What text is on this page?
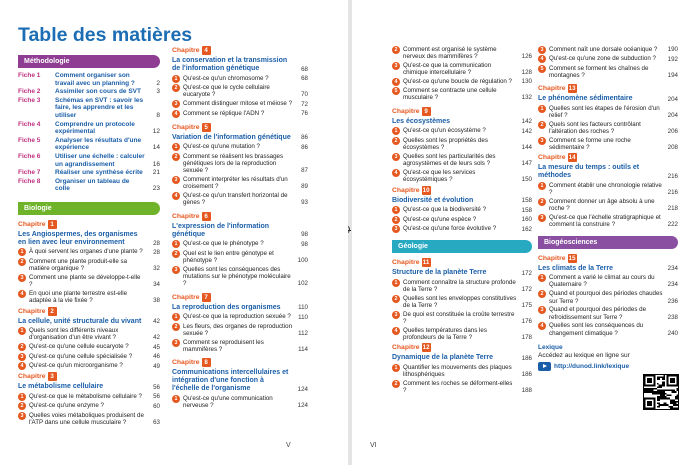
Table des matières
Méthodologie
Fiche 1	Comment organiser son travail avec un planning ?	2
Fiche 2	Assimiler son cours de SVT	3
Fiche 3	Schémas en SVT : savoir les faire, les apprendre et les utiliser	8
Fiche 4	Comprendre un protocole expérimental	12
Fiche 5	Analyser les résultats d'une expérience	14
Fiche 6	Utiliser une échelle : calculer un agrandissement	16
Fiche 7	Réaliser une synthèse écrite	21
Fiche 8	Organiser un tableau de colle	23
Biologie
Chapitre 1
Les Angiospermes, des organismes en lien avec leur environnement	28
1 À quoi servent les organes d'une plante ?	28
2 Comment une plante produit-elle sa matière organique ?	32
3 Comment une plante se développe-t-elle ?	34
4 En quoi une plante terrestre est-elle adaptée à la vie fixée ?	38
Chapitre 2
La cellule, unité structurale du vivant	42
1 Quels sont les différents niveaux d'organisation d'un être vivant ?	42
2 Qu'est-ce qu'une cellule eucaryote ?	45
3 Qu'est-ce qu'une cellule spécialisée ?	46
4 Qu'est-ce qu'un microorganisme ?	49
Chapitre 3
Le métabolisme cellulaire	56
1 Qu'est-ce que le métabolisme cellulaire ?	56
2 Qu'est-ce qu'une enzyme ?	60
3 Quelles voies métaboliques produisent de l'ATP dans une cellule musculaire ?	63
Chapitre 4
La conservation et la transmission de l'information génétique	68
1 Qu'est-ce qu'un chromosome ?	68
2 Qu'est-ce que le cycle cellulaire eucaryote ?	70
3 Comment distinguer mitose et méiose ?	72
4 Comment se réplique l'ADN ?	76
Chapitre 5
Variation de l'information génétique	86
1 Qu'est-ce qu'une mutation ?	86
2 Comment se réalisent les brassages génétiques lors de la reproduction sexuée ?	87
3 Comment interpréter les résultats d'un croisement ?	89
4 Qu'est-ce qu'un transfert horizontal de gènes ?	93
Chapitre 6
L'expression de l'information génétique	98
1 Qu'est-ce que le phénotype ?	98
2 Quel est le lien entre génotype et phénotype ?	100
3 Quelles sont les conséquences des mutations sur le phénotype moléculaire ?	102
Chapitre 7
La reproduction des organismes	110
1 Qu'est-ce que la reproduction sexuée ?	110
2 Les fleurs, des organes de reproduction sexuée ?	112
3 Comment se reproduisent les mammifères ?	114
Chapitre 8
Communications intercellulaires et intégration d'une fonction à l'échelle de l'organisme	124
1 Qu'est-ce qu'une communication nerveuse ?	124
V
2 Comment est organisé le système nerveux des mammifères ?	126
3 Qu'est-ce que la communication chimique intercellulaire ?	128
4 Qu'est-ce qu'une boucle de régulation ?	130
5 Comment se contracte une cellule musculaire ?	132
Chapitre 9
Les écosystèmes	142
1 Qu'est-ce qu'un écosystème ?	142
2 Quelles sont les propriétés des écosystèmes ?	144
3 Quelles sont les particularités des agrosystèmes et de leurs sols ?	147
4 Qu'est-ce que les services écosystémiques ?	150
Chapitre 10
Biodiversité et évolution	158
1 Qu'est-ce que la biodiversité ?	158
2 Qu'est-ce qu'une espèce ?	160
3 Qu'est-ce qu'une force évolutive ?	162
Géologie
Chapitre 11
Structure de la planète Terre	172
1 Comment connaître la structure profonde de la Terre ?	172
2 Quelles sont les enveloppes constitutives de la Terre ?	175
3 De quoi est constituée la croûte terrestre ?	176
4 Quelles températures dans les profondeurs de la Terre ?	178
Chapitre 12
Dynamique de la planète Terre	186
1 Quantifier les mouvements des plaques lithosphériques	186
2 Comment les roches se déforment-elles ?	188
3 Comment naît une dorsale océanique ?	190
4 Qu'est-ce qu'une zone de subduction ?	192
5 Comment se forment les chaînes de montagnes ?	194
Chapitre 13
Le phénomène sédimentaire	204
1 Quelles sont les étapes de l'érosion d'un relief ?	204
2 Quels sont les facteurs contrôlant l'altération des roches ?	206
3 Comment se forme une roche sédimentaire ?	208
Chapitre 14
La mesure du temps : outils et méthodes	216
1 Comment établir une chronologie relative ?	216
2 Comment donner un âge absolu à une roche ?	218
3 Qu'est-ce que l'échelle stratigraphique et comment la construire ?	222
Biogéosciences
Chapitre 15
Les climats de la Terre	234
1 Comment a varié le climat au cours du Quaternaire ?	234
2 Quand et pourquoi des périodes chaudes sur Terre ?	236
3 Quand et pourquoi des périodes de refroidissement sur Terre ?	238
4 Quelles sont les conséquences du changement climatique ?	240
Lexique
Accédez au lexique en ligne sur
http://dunod.link/lexique
VI
